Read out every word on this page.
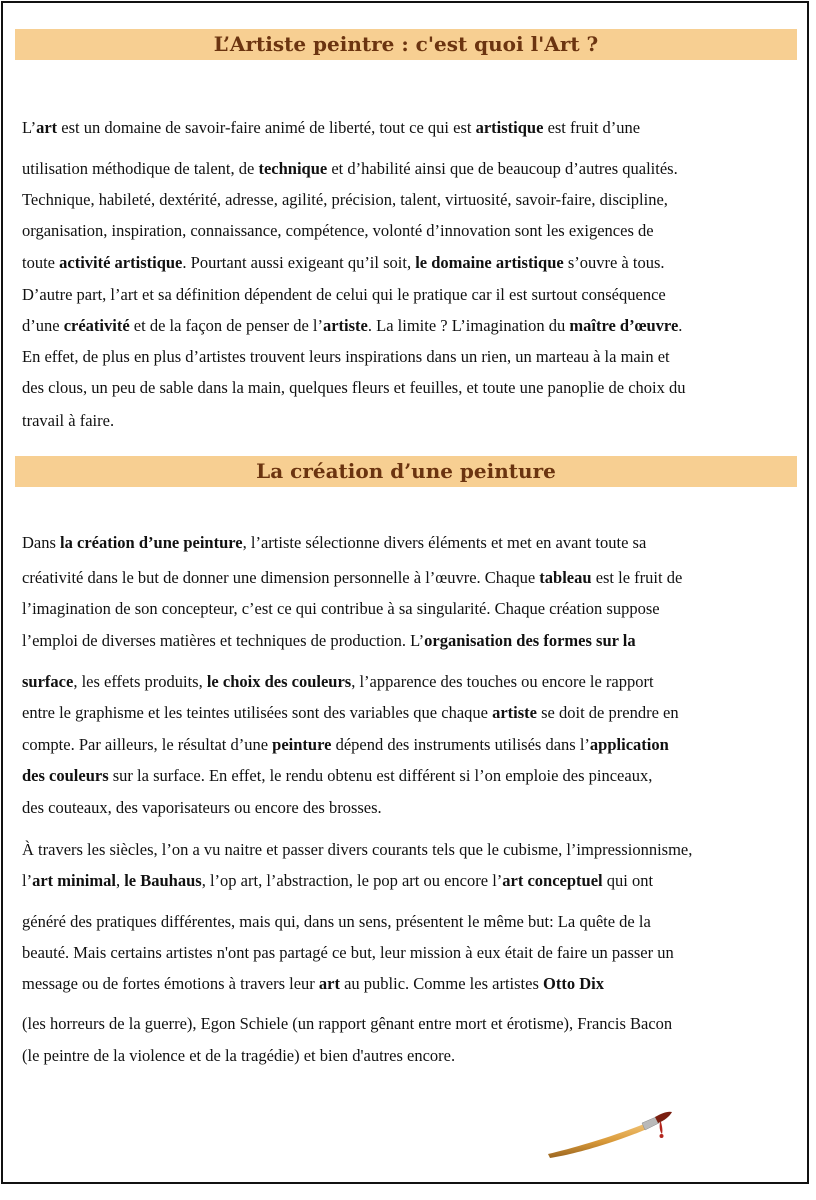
L’Artiste peintre : c'est quoi l'Art ?
L’art est un domaine de savoir-faire animé de liberté, tout ce qui est artistique est fruit d’une
utilisation méthodique de talent, de technique et d’habilité ainsi que de beaucoup d’autres qualités.
Technique, habileté, dextérité, adresse, agilité, précision, talent, virtuosité, savoir-faire, discipline,
organisation, inspiration, connaissance, compétence, volonté d’innovation sont les exigences de
toute activité artistique. Pourtant aussi exigeant qu’il soit, le domaine artistique s’ouvre à tous.
D’autre part, l’art et sa définition dépendent de celui qui le pratique car il est surtout conséquence
d’une créativité et de la façon de penser de l’artiste. La limite ? L’imagination du maître d’œuvre.
En effet, de plus en plus d’artistes trouvent leurs inspirations dans un rien, un marteau à la main et
des clous, un peu de sable dans la main, quelques fleurs et feuilles, et toute une panoplie de choix du
travail à faire.
La création d’une peinture
Dans la création d’une peinture, l’artiste sélectionne divers éléments et met en avant toute sa
créativité dans le but de donner une dimension personnelle à l’œuvre. Chaque tableau est le fruit de
l’imagination de son concepteur, c’est ce qui contribue à sa singularité. Chaque création suppose
l’emploi de diverses matières et techniques de production. L’organisation des formes sur la
surface, les effets produits, le choix des couleurs, l’apparence des touches ou encore le rapport
entre le graphisme et les teintes utilisées sont des variables que chaque artiste se doit de prendre en
compte. Par ailleurs, le résultat d’une peinture dépend des instruments utilisés dans l’application
des couleurs sur la surface. En effet, le rendu obtenu est différent si l’on emploie des pinceaux,
des couteaux, des vaporisateurs ou encore des brosses.
À travers les siècles, l’on a vu naitre et passer divers courants tels que le cubisme, l’impressionnisme,
l’art minimal, le Bauhaus, l’op art, l’abstraction, le pop art ou encore l’art conceptuel qui ont
généré des pratiques différentes, mais qui, dans un sens, présentent le même but: La quête de la
beauté. Mais certains artistes n'ont pas partagé ce but, leur mission à eux était de faire un passer un
message ou de fortes émotions à travers leur art au public. Comme les artistes Otto Dix
(les horreurs de la guerre), Egon Schiele (un rapport gênant entre mort et érotisme), Francis Bacon
(le peintre de la violence et de la tragédie) et bien d'autres encore.
